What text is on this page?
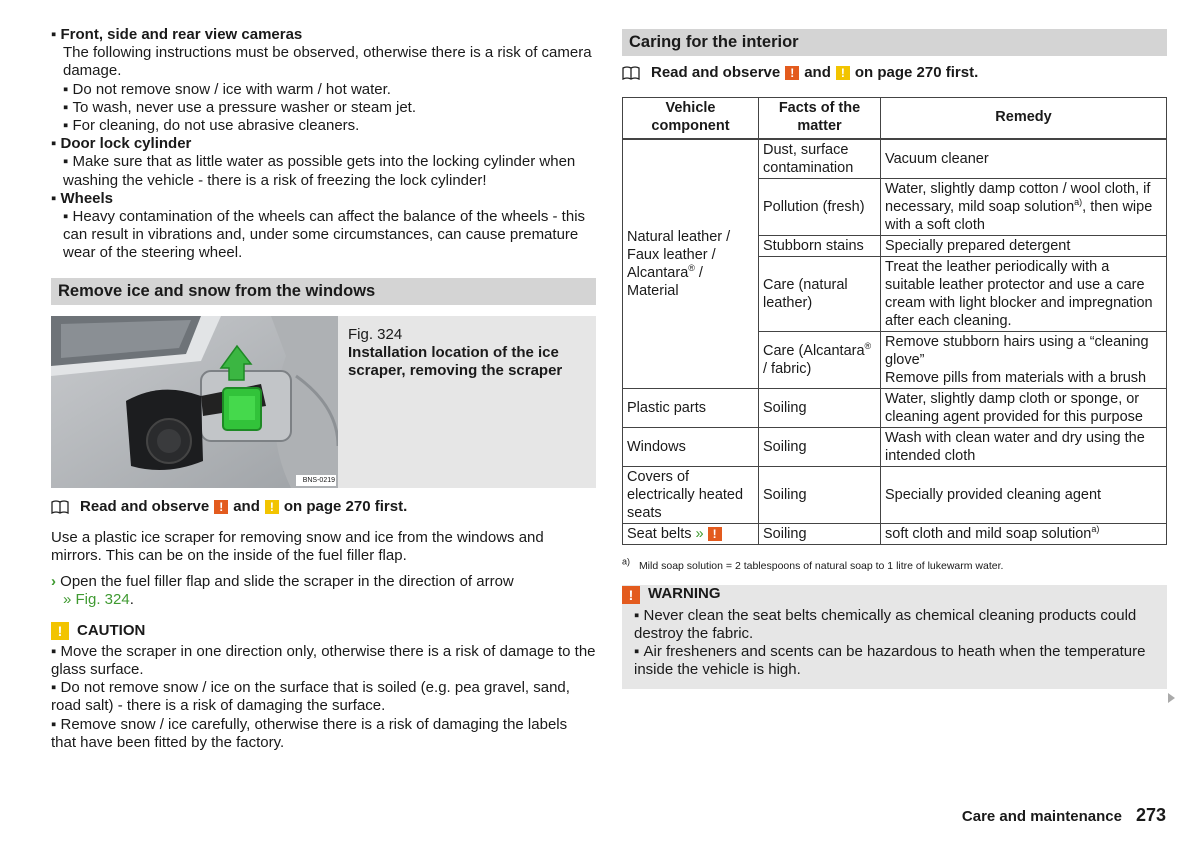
▪ Front, side and rear view cameras

The following instructions must be observed, otherwise there is a risk of camera damage.

▪ Do not remove snow / ice with warm / hot water.

▪ To wash, never use a pressure washer or steam jet.

▪ For cleaning, do not use abrasive cleaners.

▪ Door lock cylinder

▪ Make sure that as little water as possible gets into the locking cylinder when washing the vehicle - there is a risk of freezing the lock cylinder!

▪ Wheels

▪ Heavy contamination of the wheels can affect the balance of the wheels - this can result in vibrations and, under some circumstances, can cause premature wear of the steering wheel.

Remove ice and snow from the windows
BNS-0219

Fig. 324

Installation location of the ice scraper, removing the scraper

Read and observe ! and ! on page 270 first.

Use a plastic ice scraper for removing snow and ice from the windows and mirrors. This can be on the inside of the fuel filler flap.

› Open the fuel filler flap and slide the scraper in the direction of arrow
» Fig. 324.

! CAUTION

▪ Move the scraper in one direction only, otherwise there is a risk of damage to the glass surface.

▪ Do not remove snow / ice on the surface that is soiled (e.g. pea gravel, sand, road salt) - there is a risk of damaging the surface.

▪ Remove snow / ice carefully, otherwise there is a risk of damaging the labels that have been fitted by the factory.

Caring for the interior
Read and observe ! and ! on page 270 first.
Vehicle component	Facts of the matter	Remedy
Natural leather / Faux leather / Alcantara® / Material	Dust, surface contamination	Vacuum cleaner
	Pollution (fresh)	Water, slightly damp cotton / wool cloth, if necessary, mild soap solution$^{a)}$, then wipe with a soft cloth
	Stubborn stains	Specially prepared detergent
	Care (natural leather)	Treat the leather periodically with a suitable leather protector and use a care cream with light blocker and impregnation after each cleaning.
	Care (Alcantara® / fabric)	Remove stubborn hairs using a “cleaning glove”
Remove pills from materials with a brush
Plastic parts	Soiling	Water, slightly damp cloth or sponge, or cleaning agent provided for this purpose
Windows	Soiling	Wash with clean water and dry using the intended cloth
Covers of electrically heated seats	Soiling	Specially provided cleaning agent
Seat belts » !	Soiling	soft cloth and mild soap solution$^{a)}$

$^{a)}$ Mild soap solution = 2 tablespoons of natural soap to 1 litre of lukewarm water.

! WARNING

▪ Never clean the seat belts chemically as chemical cleaning products could destroy the fabric.

▪ Air fresheners and scents can be hazardous to heath when the temperature inside the vehicle is high.

Care and maintenance 273
